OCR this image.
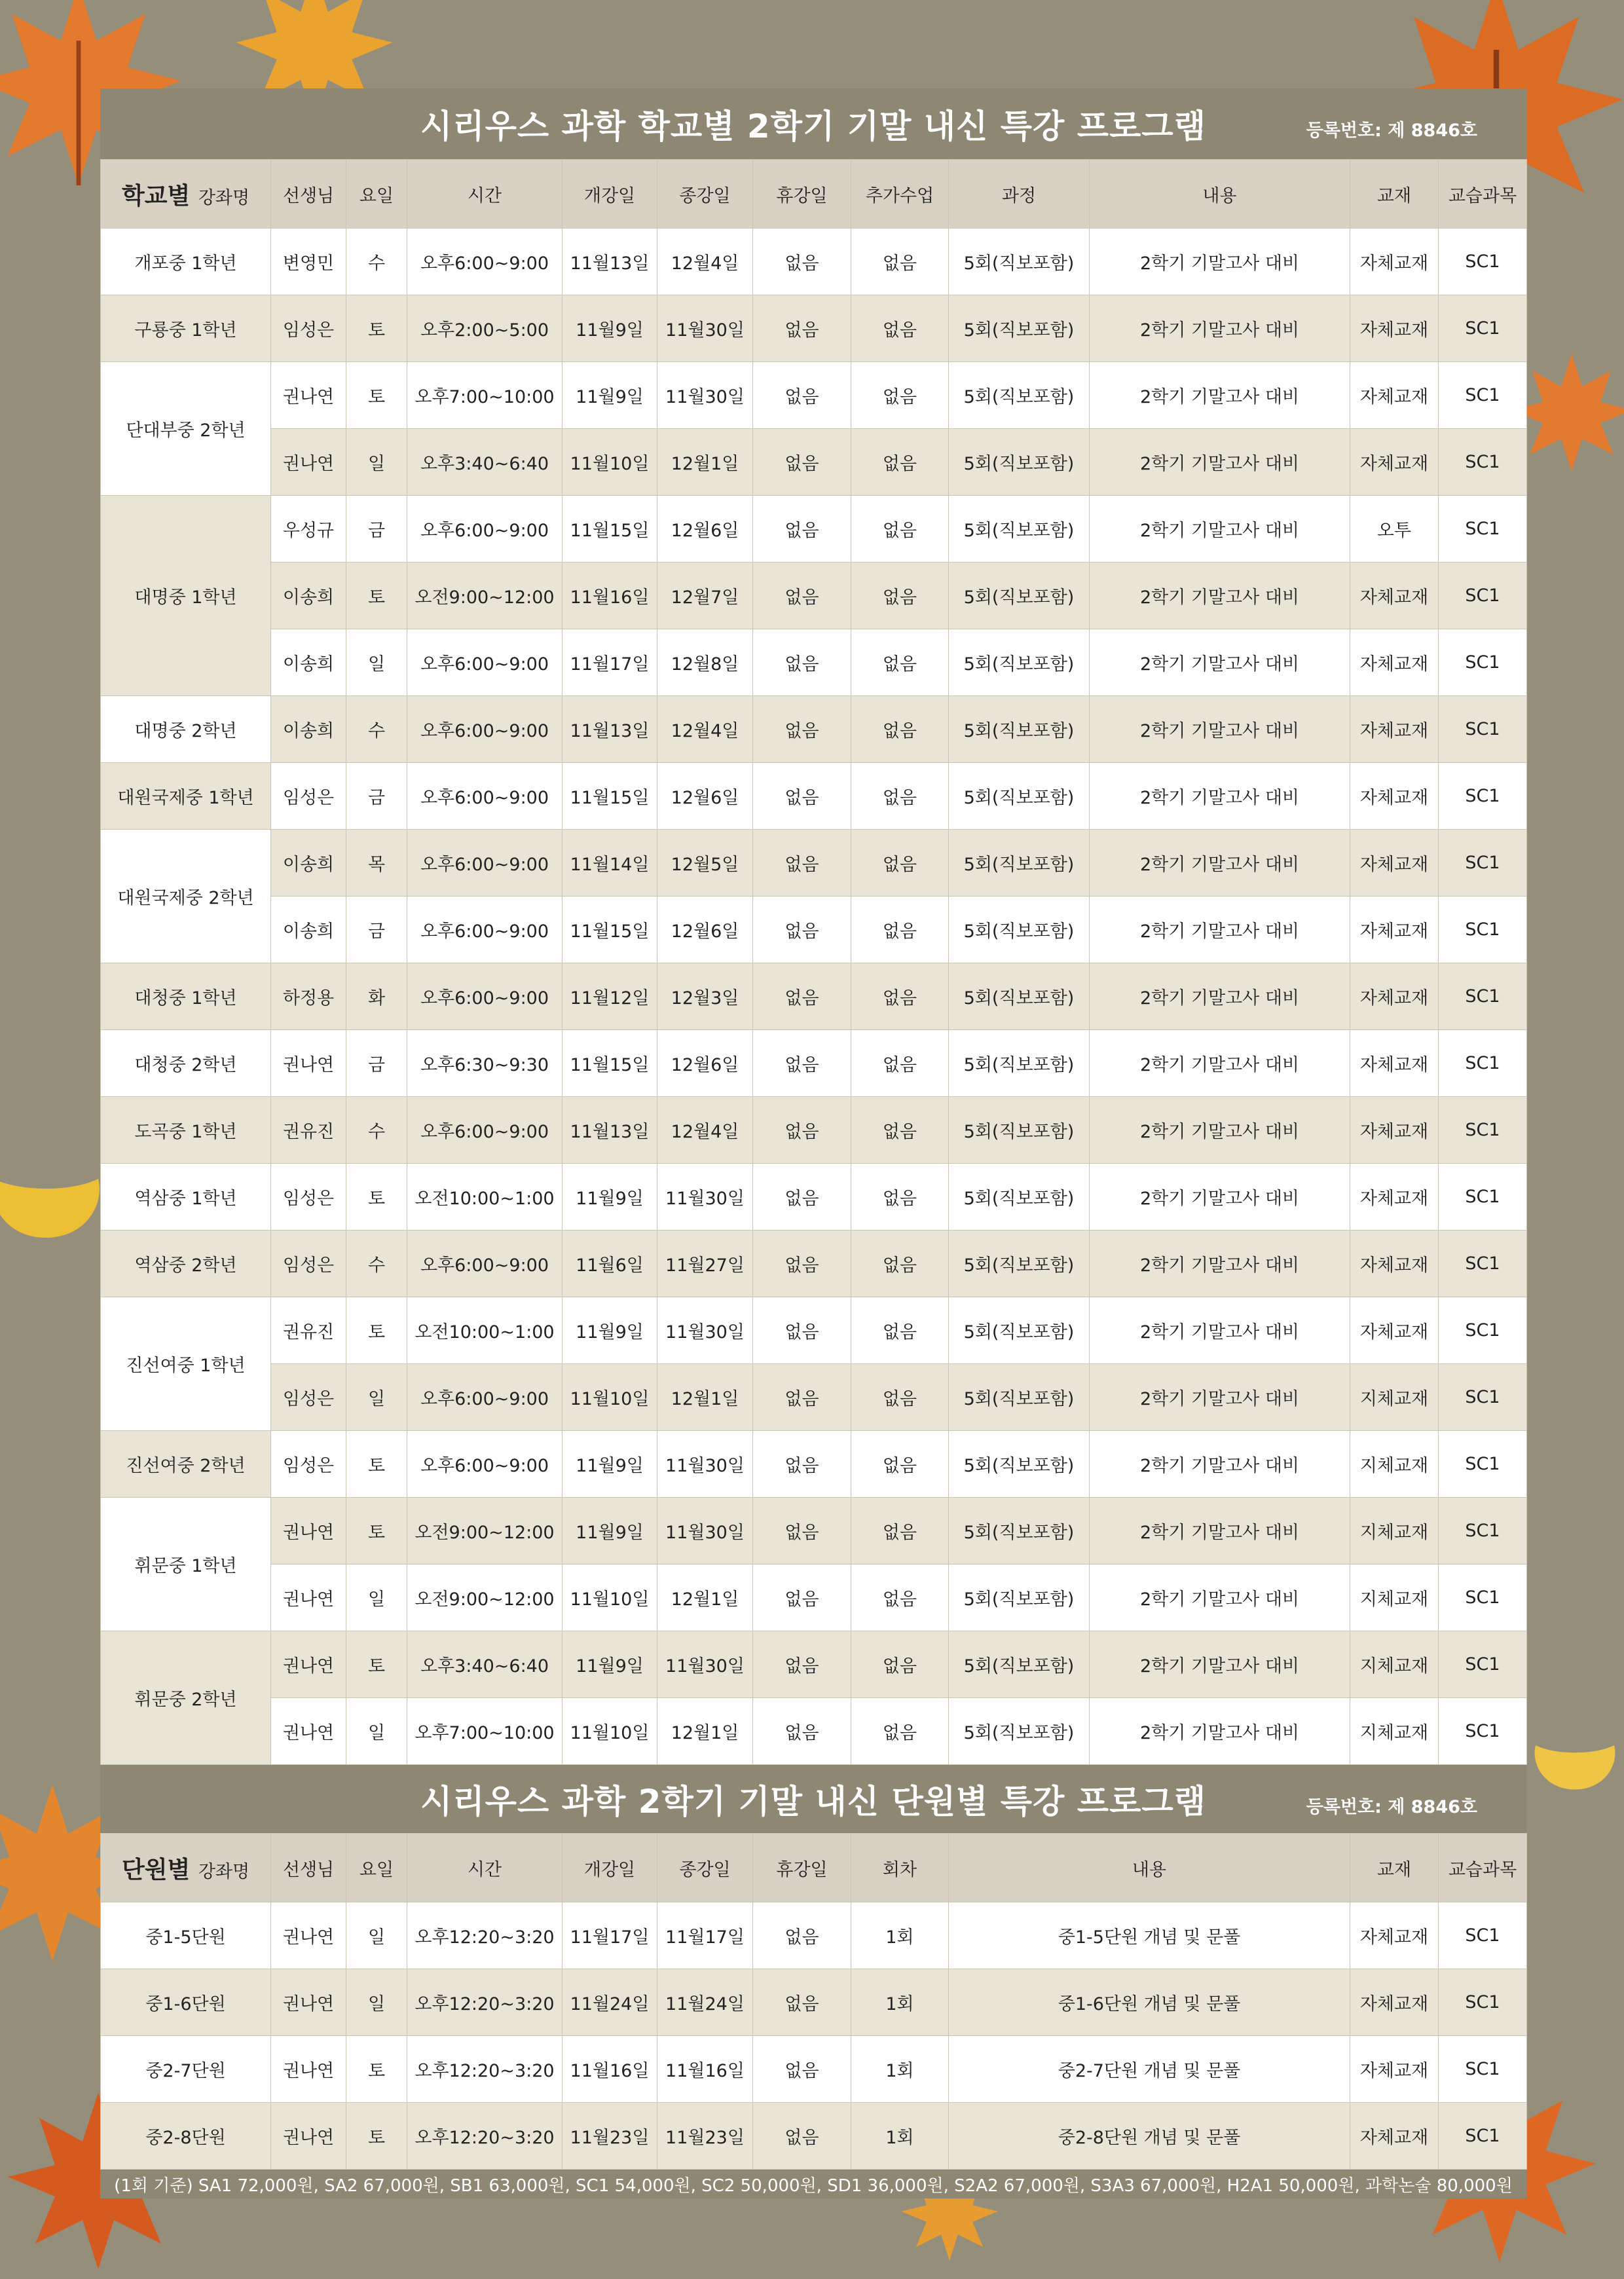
시리우스 과학 학교별 2학기 기말 내신 특강 프로그램	등록번호: 제 8846호
학교별 강좌명	선생님	요일	시간	개강일	종강일	휴강일	추가수업	과정	내용	교재	교습과목
개포중 1학년	변영민	수	오후6:00~9:00	11월13일	12월4일	없음	없음	5회(직보포함)	2학기 기말고사 대비	자체교재	SC1
구룡중 1학년	임성은	토	오후2:00~5:00	11월9일	11월30일	없음	없음	5회(직보포함)	2학기 기말고사 대비	자체교재	SC1
단대부중 2학년	권나연	토	오후7:00~10:00	11월9일	11월30일	없음	없음	5회(직보포함)	2학기 기말고사 대비	자체교재	SC1
	권나연	일	오후3:40~6:40	11월10일	12월1일	없음	없음	5회(직보포함)	2학기 기말고사 대비	자체교재	SC1
대명중 1학년	우성규	금	오후6:00~9:00	11월15일	12월6일	없음	없음	5회(직보포함)	2학기 기말고사 대비	오투	SC1
	이송희	토	오전9:00~12:00	11월16일	12월7일	없음	없음	5회(직보포함)	2학기 기말고사 대비	자체교재	SC1
	이송희	일	오후6:00~9:00	11월17일	12월8일	없음	없음	5회(직보포함)	2학기 기말고사 대비	자체교재	SC1
대명중 2학년	이송희	수	오후6:00~9:00	11월13일	12월4일	없음	없음	5회(직보포함)	2학기 기말고사 대비	자체교재	SC1
대원국제중 1학년	임성은	금	오후6:00~9:00	11월15일	12월6일	없음	없음	5회(직보포함)	2학기 기말고사 대비	자체교재	SC1
대원국제중 2학년	이송희	목	오후6:00~9:00	11월14일	12월5일	없음	없음	5회(직보포함)	2학기 기말고사 대비	자체교재	SC1
	이송희	금	오후6:00~9:00	11월15일	12월6일	없음	없음	5회(직보포함)	2학기 기말고사 대비	자체교재	SC1
대청중 1학년	하정용	화	오후6:00~9:00	11월12일	12월3일	없음	없음	5회(직보포함)	2학기 기말고사 대비	자체교재	SC1
대청중 2학년	권나연	금	오후6:30~9:30	11월15일	12월6일	없음	없음	5회(직보포함)	2학기 기말고사 대비	자체교재	SC1
도곡중 1학년	권유진	수	오후6:00~9:00	11월13일	12월4일	없음	없음	5회(직보포함)	2학기 기말고사 대비	자체교재	SC1
역삼중 1학년	임성은	토	오전10:00~1:00	11월9일	11월30일	없음	없음	5회(직보포함)	2학기 기말고사 대비	자체교재	SC1
역삼중 2학년	임성은	수	오후6:00~9:00	11월6일	11월27일	없음	없음	5회(직보포함)	2학기 기말고사 대비	자체교재	SC1
진선여중 1학년	권유진	토	오전10:00~1:00	11월9일	11월30일	없음	없음	5회(직보포함)	2학기 기말고사 대비	자체교재	SC1
	임성은	일	오후6:00~9:00	11월10일	12월1일	없음	없음	5회(직보포함)	2학기 기말고사 대비	지체교재	SC1
진선여중 2학년	임성은	토	오후6:00~9:00	11월9일	11월30일	없음	없음	5회(직보포함)	2학기 기말고사 대비	지체교재	SC1
휘문중 1학년	권나연	토	오전9:00~12:00	11월9일	11월30일	없음	없음	5회(직보포함)	2학기 기말고사 대비	지체교재	SC1
	권나연	일	오전9:00~12:00	11월10일	12월1일	없음	없음	5회(직보포함)	2학기 기말고사 대비	지체교재	SC1
휘문중 2학년	권나연	토	오후3:40~6:40	11월9일	11월30일	없음	없음	5회(직보포함)	2학기 기말고사 대비	지체교재	SC1
	권나연	일	오후7:00~10:00	11월10일	12월1일	없음	없음	5회(직보포함)	2학기 기말고사 대비	지체교재	SC1
시리우스 과학 2학기 기말 내신 단원별 특강 프로그램	등록번호: 제 8846호
단원별 강좌명	선생님	요일	시간	개강일	종강일	휴강일	회차	내용	교재	교습과목
중1-5단원	권나연	일	오후12:20~3:20	11월17일	11월17일	없음	1회	중1-5단원 개념 및 문풀	자체교재	SC1
중1-6단원	권나연	일	오후12:20~3:20	11월24일	11월24일	없음	1회	중1-6단원 개념 및 문풀	자체교재	SC1
중2-7단원	권나연	토	오후12:20~3:20	11월16일	11월16일	없음	1회	중2-7단원 개념 및 문풀	자체교재	SC1
중2-8단원	권나연	토	오후12:20~3:20	11월23일	11월23일	없음	1회	중2-8단원 개념 및 문풀	자체교재	SC1
(1회 기준) SA1 72,000원, SA2 67,000원, SB1 63,000원, SC1 54,000원, SC2 50,000원, SD1 36,000원, S2A2 67,000원, S3A3 67,000원, H2A1 50,000원, 과학논술 80,000원
